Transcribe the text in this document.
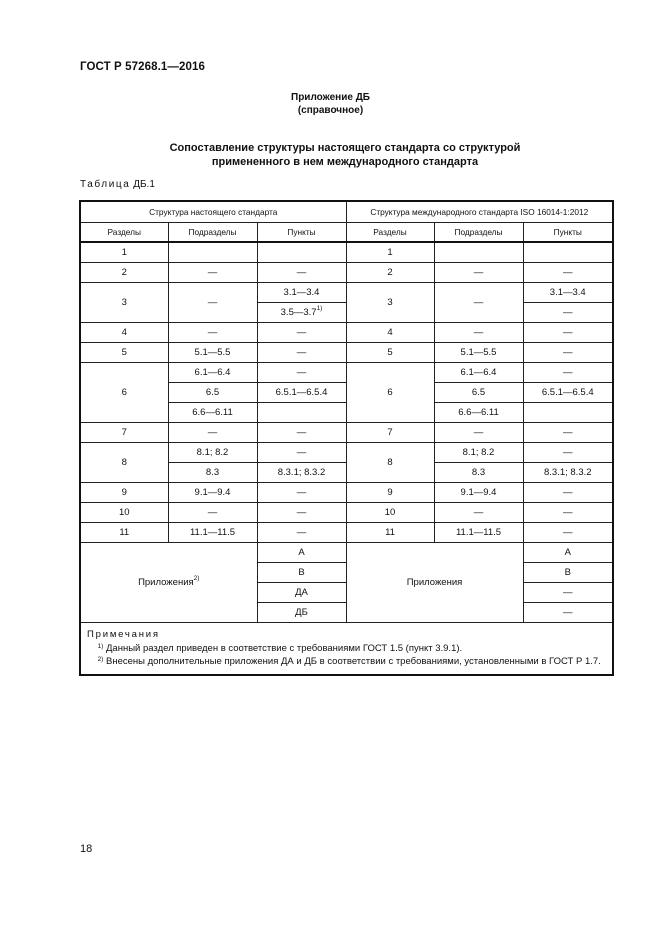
ГОСТ Р 57268.1—2016
Приложение ДБ
(справочное)
Сопоставление структуры настоящего стандарта со структурой
примененного в нем международного стандарта
Таблица ДБ.1
Структура настоящего стандарта			Структура международного стандарта ISO 16014-1:2012		
Разделы	Подразделы	Пункты	Разделы	Подразделы	Пункты
1			1		
2	—	—	2	—	—
3	—	3.1—3.4	3	—	3.1—3.4
		3.5—3.7$^{1)}$			—
4	—	—	4	—	—
5	5.1—5.5	—	5	5.1—5.5	—
6	6.1—6.4	—	6	6.1—6.4	—
	6.5	6.5.1—6.5.4		6.5	6.5.1—6.5.4
	6.6—6.11			6.6—6.11	
7	—	—	7	—	—
8	8.1; 8.2	—	8	8.1; 8.2	—
	8.3	8.3.1; 8.3.2		8.3	8.3.1; 8.3.2
9	9.1—9.4	—	9	9.1—9.4	—
10	—	—	10	—	—
11	11.1—11.5	—	11	11.1—11.5	—
Приложения$^{2)}$		А	Приложения		А
		В			В
		ДА			—
		ДБ			—

Примечания
$^{1)}$ Данный раздел приведен в соответствие с требованиями ГОСТ 1.5 (пункт 3.9.1).
$^{2)}$ Внесены дополнительные приложения ДА и ДБ в соответствии с требованиями, установленными в ГОСТ Р 1.7.					
18
